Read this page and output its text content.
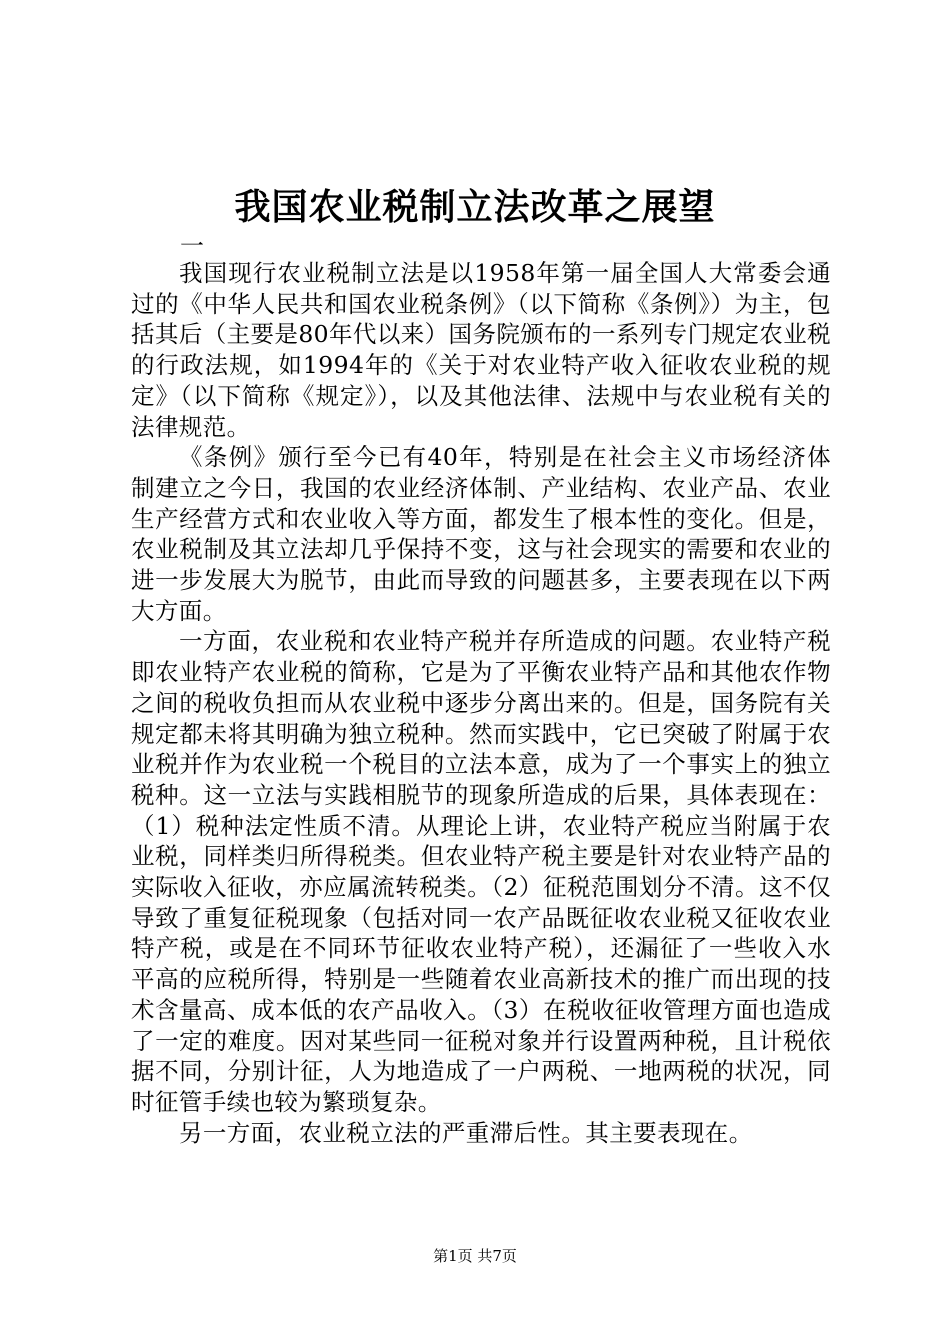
我国农业税制立法改革之展望
一

我国现行农业税制立法是以1958年第一届全国人大常委会通过的《中华人民共和国农业税条例》（以下简称《条例》）为主，包括其后（主要是80年代以来）国务院颁布的一系列专门规定农业税的行政法规，如1994年的《关于对农业特产收入征收农业税的规定》（以下简称《规定》），以及其他法律、法规中与农业税有关的法律规范。

《条例》颁行至今已有40年，特别是在社会主义市场经济体制建立之今日，我国的农业经济体制、产业结构、农业产品、农业生产经营方式和农业收入等方面，都发生了根本性的变化。但是，农业税制及其立法却几乎保持不变，这与社会现实的需要和农业的进一步发展大为脱节，由此而导致的问题甚多，主要表现在以下两大方面。

一方面，农业税和农业特产税并存所造成的问题。农业特产税即农业特产农业税的简称，它是为了平衡农业特产品和其他农作物之间的税收负担而从农业税中逐步分离出来的。但是，国务院有关规定都未将其明确为独立税种。然而实践中，它已突破了附属于农业税并作为农业税一个税目的立法本意，成为了一个事实上的独立税种。这一立法与实践相脱节的现象所造成的后果，具体表现在：（1）税种法定性质不清。从理论上讲，农业特产税应当附属于农业税，同样类归所得税类。但农业特产税主要是针对农业特产品的实际收入征收，亦应属流转税类。（2）征税范围划分不清。这不仅导致了重复征税现象（包括对同一农产品既征收农业税又征收农业特产税，或是在不同环节征收农业特产税），还漏征了一些收入水平高的应税所得，特别是一些随着农业高新技术的推广而出现的技术含量高、成本低的农产品收入。（3）在税收征收管理方面也造成了一定的难度。因对某些同一征税对象并行设置两种税，且计税依据不同，分别计征，人为地造成了一户两税、一地两税的状况，同时征管手续也较为繁琐复杂。

另一方面，农业税立法的严重滞后性。其主要表现在。

第1页 共7页
